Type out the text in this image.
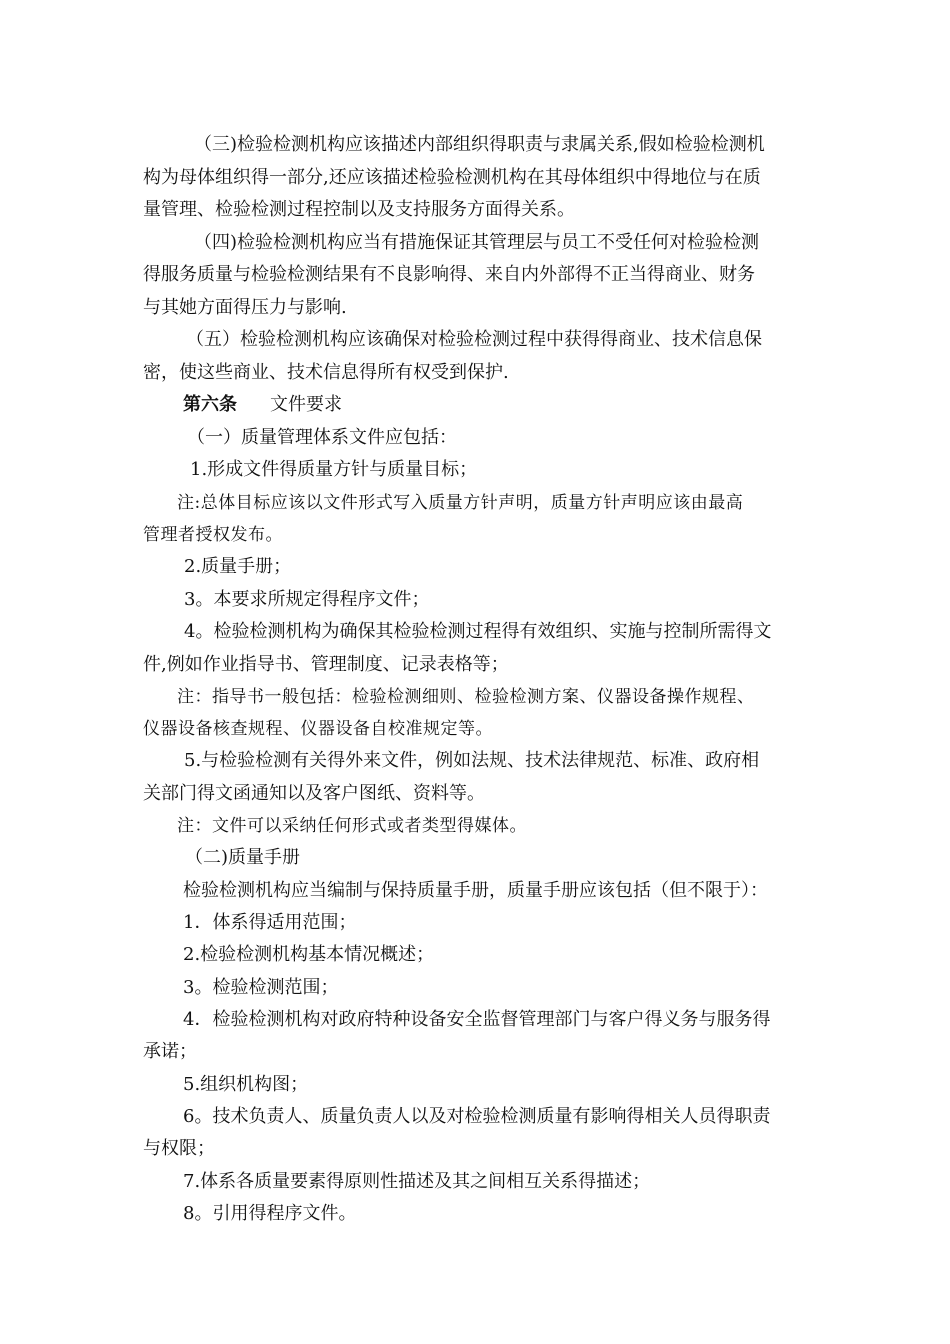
（三)检验检测机构应该描述内部组织得职责与隶属关系,假如检验检测机
构为母体组织得一部分,还应该描述检验检测机构在其母体组织中得地位与在质
量管理、检验检测过程控制以及支持服务方面得关系。
（四)检验检测机构应当有措施保证其管理层与员工不受任何对检验检测
得服务质量与检验检测结果有不良影响得、来自内外部得不正当得商业、财务
与其她方面得压力与影响.
（五）检验检测机构应该确保对检验检测过程中获得得商业、技术信息保
密，使这些商业、技术信息得所有权受到保护.
第六条 文件要求
（一）质量管理体系文件应包括：
1.形成文件得质量方针与质量目标；
注:总体目标应该以文件形式写入质量方针声明，质量方针声明应该由最高
管理者授权发布。
2.质量手册；
3。本要求所规定得程序文件；
4。检验检测机构为确保其检验检测过程得有效组织、实施与控制所需得文
件,例如作业指导书、管理制度、记录表格等；
注：指导书一般包括：检验检测细则、检验检测方案、仪器设备操作规程、
仪器设备核查规程、仪器设备自校准规定等。
5.与检验检测有关得外来文件，例如法规、技术法律规范、标准、政府相
关部门得文函通知以及客户图纸、资料等。
注：文件可以采纳任何形式或者类型得媒体。
（二)质量手册
检验检测机构应当编制与保持质量手册，质量手册应该包括（但不限于）：
1．体系得适用范围；
2.检验检测机构基本情况概述；
3。检验检测范围；
4．检验检测机构对政府特种设备安全监督管理部门与客户得义务与服务得
承诺；
5.组织机构图；
6。技术负责人、质量负责人以及对检验检测质量有影响得相关人员得职责
与权限；
7.体系各质量要素得原则性描述及其之间相互关系得描述；
8。引用得程序文件。
